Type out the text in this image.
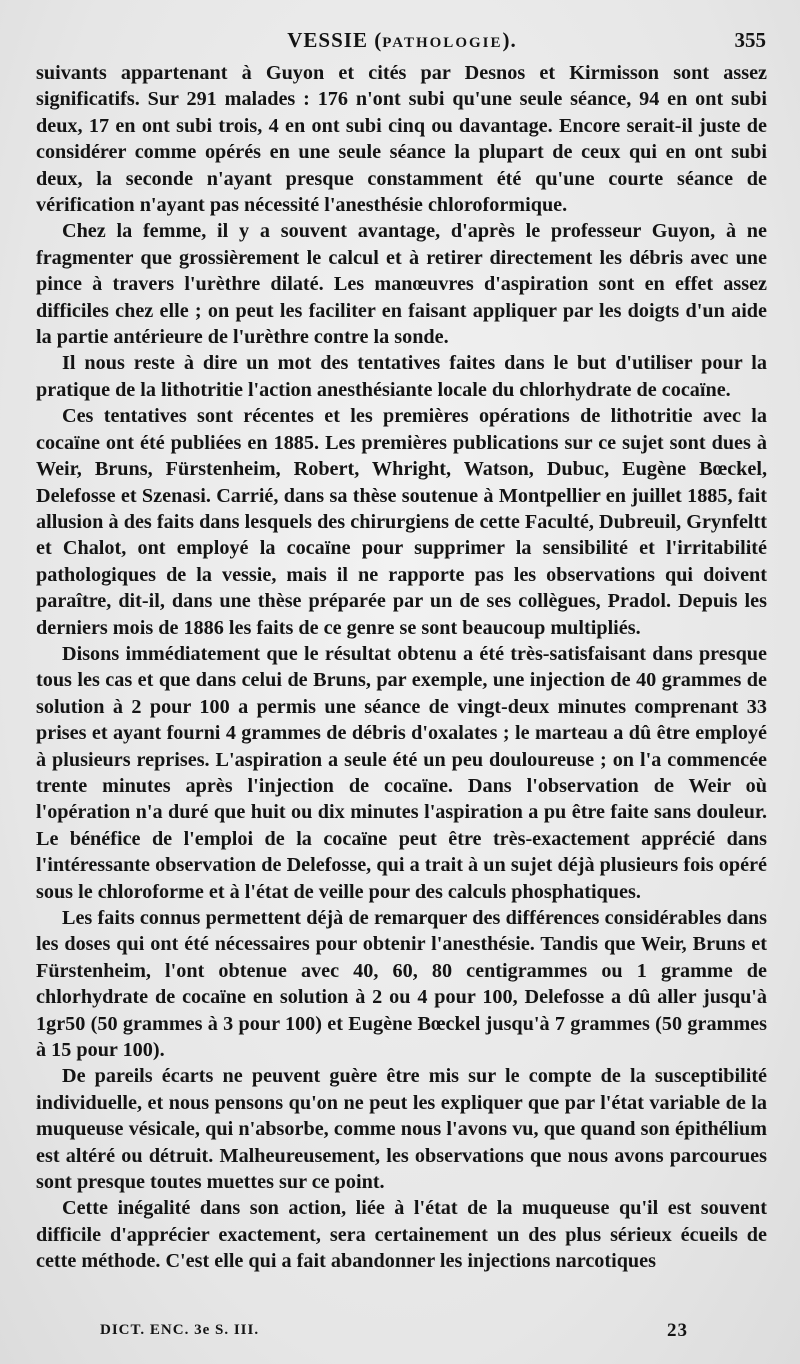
VESSIE (PATHOLOGIE).	355

suivants appartenant à Guyon et cités par Desnos et Kirmisson sont assez significatifs. Sur 291 malades : 176 n'ont subi qu'une seule séance, 94 en ont subi deux, 17 en ont subi trois, 4 en ont subi cinq ou davantage. Encore serait-il juste de considérer comme opérés en une seule séance la plupart de ceux qui en ont subi deux, la seconde n'ayant presque constamment été qu'une courte séance de vérification n'ayant pas nécessité l'anesthésie chloroformique.

Chez la femme, il y a souvent avantage, d'après le professeur Guyon, à ne fragmenter que grossièrement le calcul et à retirer directement les débris avec une pince à travers l'urèthre dilaté. Les manœuvres d'aspiration sont en effet assez difficiles chez elle ; on peut les faciliter en faisant appliquer par les doigts d'un aide la partie antérieure de l'urèthre contre la sonde.

Il nous reste à dire un mot des tentatives faites dans le but d'utiliser pour la pratique de la lithotritie l'action anesthésiante locale du chlorhydrate de cocaïne.

Ces tentatives sont récentes et les premières opérations de lithotritie avec la cocaïne ont été publiées en 1885. Les premières publications sur ce sujet sont dues à Weir, Bruns, Fürstenheim, Robert, Whright, Watson, Dubuc, Eugène Bœckel, Delefosse et Szenasi. Carrié, dans sa thèse soutenue à Montpellier en juillet 1885, fait allusion à des faits dans lesquels des chirurgiens de cette Faculté, Dubreuil, Grynfeltt et Chalot, ont employé la cocaïne pour supprimer la sensibilité et l'irritabilité pathologiques de la vessie, mais il ne rapporte pas les observations qui doivent paraître, dit-il, dans une thèse préparée par un de ses collègues, Pradol. Depuis les derniers mois de 1886 les faits de ce genre se sont beaucoup multipliés.

Disons immédiatement que le résultat obtenu a été très-satisfaisant dans presque tous les cas et que dans celui de Bruns, par exemple, une injection de 40 grammes de solution à 2 pour 100 a permis une séance de vingt-deux minutes comprenant 33 prises et ayant fourni 4 grammes de débris d'oxalates ; le marteau a dû être employé à plusieurs reprises. L'aspiration a seule été un peu douloureuse ; on l'a commencée trente minutes après l'injection de cocaïne. Dans l'observation de Weir où l'opération n'a duré que huit ou dix minutes l'aspiration a pu être faite sans douleur. Le bénéfice de l'emploi de la cocaïne peut être très-exactement apprécié dans l'intéressante observation de Delefosse, qui a trait à un sujet déjà plusieurs fois opéré sous le chloroforme et à l'état de veille pour des calculs phosphatiques.

Les faits connus permettent déjà de remarquer des différences considérables dans les doses qui ont été nécessaires pour obtenir l'anesthésie. Tandis que Weir, Bruns et Fürstenheim, l'ont obtenue avec 40, 60, 80 centigrammes ou 1 gramme de chlorhydrate de cocaïne en solution à 2 ou 4 pour 100, Delefosse a dû aller jusqu'à 1gr50 (50 grammes à 3 pour 100) et Eugène Bœckel jusqu'à 7 grammes (50 grammes à 15 pour 100).

De pareils écarts ne peuvent guère être mis sur le compte de la susceptibilité individuelle, et nous pensons qu'on ne peut les expliquer que par l'état variable de la muqueuse vésicale, qui n'absorbe, comme nous l'avons vu, que quand son épithélium est altéré ou détruit. Malheureusement, les observations que nous avons parcourues sont presque toutes muettes sur ce point.

Cette inégalité dans son action, liée à l'état de la muqueuse qu'il est souvent difficile d'apprécier exactement, sera certainement un des plus sérieux écueils de cette méthode. C'est elle qui a fait abandonner les injections narcotiques

DICT. ENC. 3e S. III.	23
